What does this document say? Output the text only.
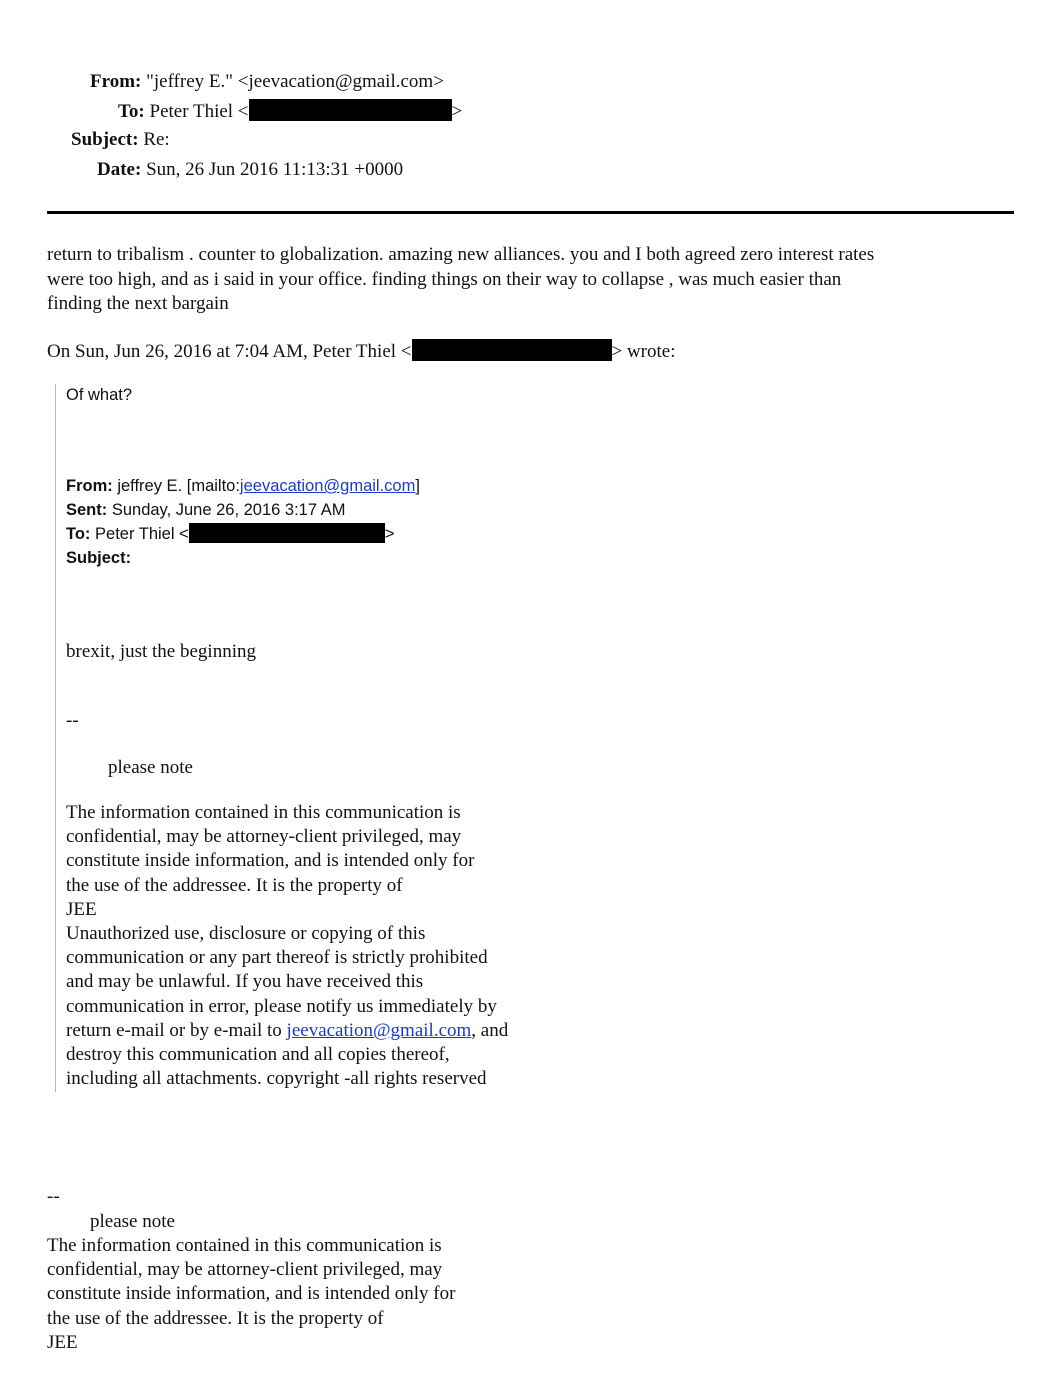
From: "jeffrey E." <jeevacation@gmail.com>
To: Peter Thiel <	>
Subject: Re:
Date: Sun, 26 Jun 2016 11:13:31 +0000
return to tribalism . counter to globalization. amazing new alliances. you and I both agreed zero interest rates
were too high, and as i said in your office. finding things on their way to collapse , was much easier than
finding the next bargain
On Sun, Jun 26, 2016 at 7:04 AM, Peter Thiel <	> wrote:
Of what?
From: jeffrey E. [mailto:jeevacation@gmail.com]
Sent: Sunday, June 26, 2016 3:17 AM
To: Peter Thiel <	>
Subject:
brexit, just the beginning
--
please note
The information contained in this communication is
confidential, may be attorney-client privileged, may
constitute inside information, and is intended only for
the use of the addressee. It is the property of
JEE
Unauthorized use, disclosure or copying of this
communication or any part thereof is strictly prohibited
and may be unlawful. If you have received this
communication in error, please notify us immediately by
return e-mail or by e-mail to jeevacation@gmail.com, and
destroy this communication and all copies thereof,
including all attachments. copyright -all rights reserved
--
please note
The information contained in this communication is
confidential, may be attorney-client privileged, may
constitute inside information, and is intended only for
the use of the addressee. It is the property of
JEE
